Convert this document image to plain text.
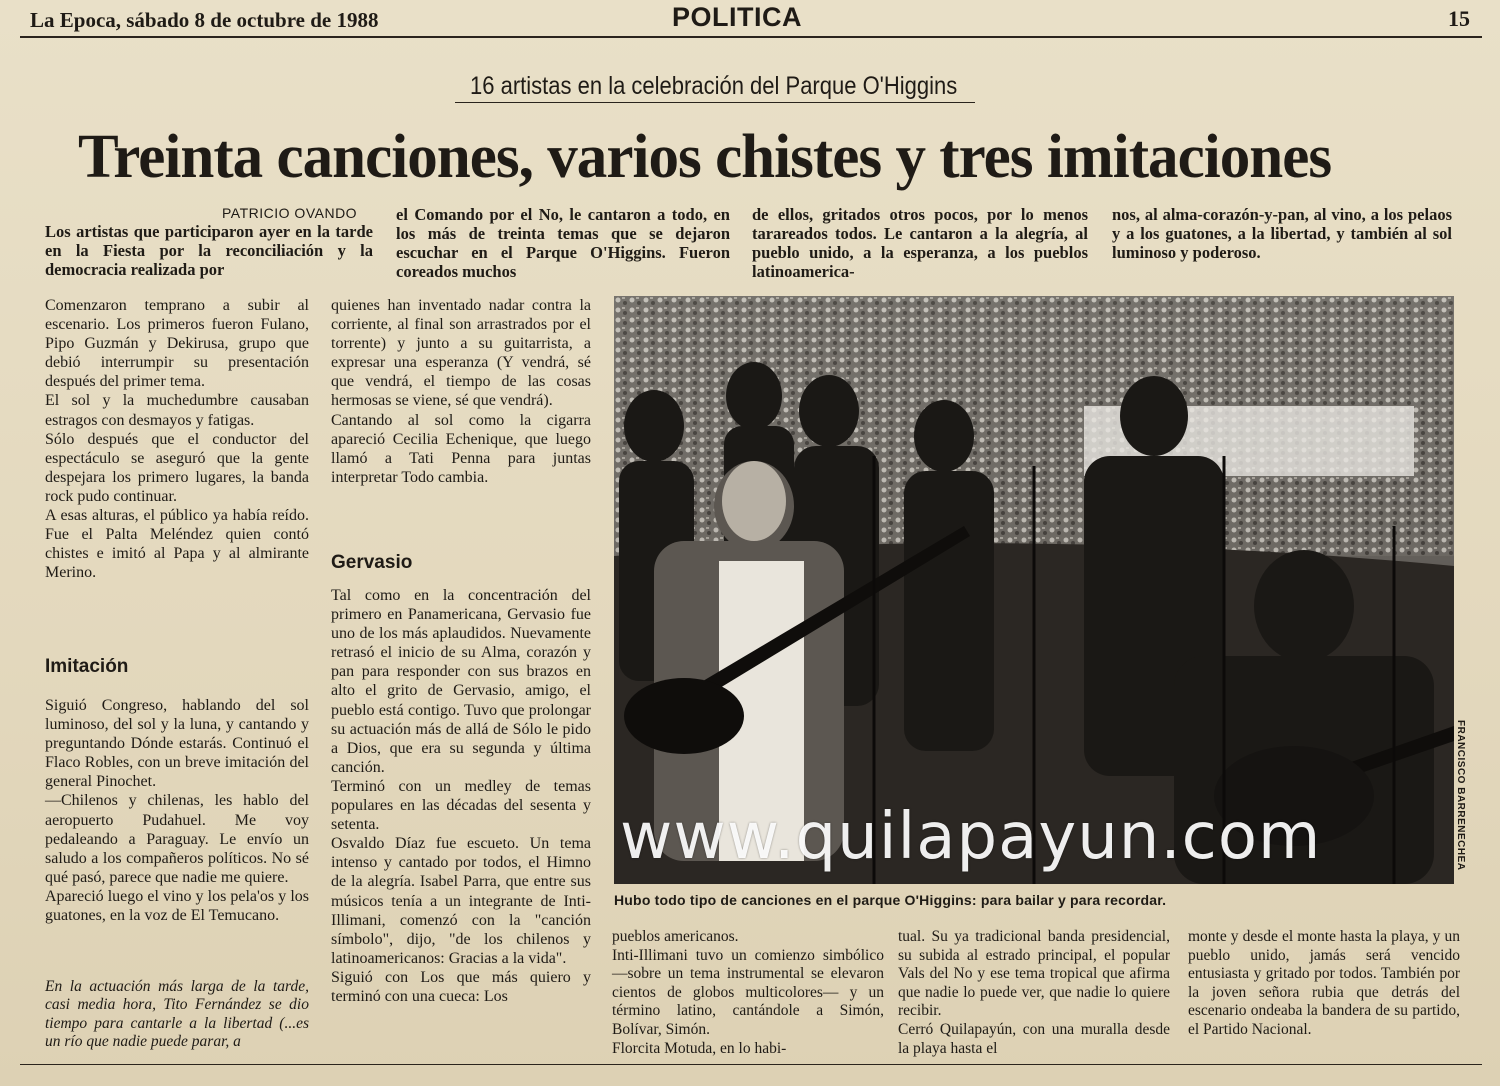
La Epoca, sábado 8 de octubre de 1988	POLITICA	15
16 artistas en la celebración del Parque O'Higgins
Treinta canciones, varios chistes y tres imitaciones
PATRICIO OVANDO
Los artistas que participaron ayer en la tarde en la Fiesta por la reconciliación y la democracia realizada por
el Comando por el No, le cantaron a todo, en los más de treinta temas que se dejaron escuchar en el Parque O'Higgins. Fueron coreados muchos
de ellos, gritados otros pocos, por lo menos tarareados todos. Le cantaron a la alegría, al pueblo unido, a la esperanza, a los pueblos latinoamerica-
nos, al alma-corazón-y-pan, al vino, a los pelaos y a los guatones, a la libertad, y también al sol luminoso y poderoso.
Comenzaron temprano a subir al escenario. Los primeros fueron Fulano, Pipo Guzmán y Dekirusa, grupo que debió interrumpir su presentación después del primer tema.
El sol y la muchedumbre causaban estragos con desmayos y fatigas.
Sólo después que el conductor del espectáculo se aseguró que la gente despejara los primero lugares, la banda rock pudo continuar.
A esas alturas, el público ya había reído. Fue el Palta Meléndez quien contó chistes e imitó al Papa y al almirante Merino.
Imitación
Siguió Congreso, hablando del sol luminoso, del sol y la luna, y cantando y preguntando Dónde estarás. Continuó el Flaco Robles, con un breve imitación del general Pinochet.
—Chilenos y chilenas, les hablo del aeropuerto Pudahuel. Me voy pedaleando a Paraguay. Le envío un saludo a los compañeros políticos. No sé qué pasó, parece que nadie me quiere.
Apareció luego el vino y los pela'os y los guatones, en la voz de El Temucano.
En la actuación más larga de la tarde, casi media hora, Tito Fernández se dio tiempo para cantarle a la libertad (...es un río que nadie puede parar, a
quienes han inventado nadar contra la corriente, al final son arrastrados por el torrente) y junto a su guitarrista, a expresar una esperanza (Y vendrá, sé que vendrá, el tiempo de las cosas hermosas se viene, sé que vendrá).
Cantando al sol como la cigarra apareció Cecilia Echenique, que luego llamó a Tati Penna para juntas interpretar Todo cambia.
Gervasio
Tal como en la concentración del primero en Panamericana, Gervasio fue uno de los más aplaudidos. Nuevamente retrasó el inicio de su Alma, corazón y pan para responder con sus brazos en alto el grito de Gervasio, amigo, el pueblo está contigo. Tuvo que prolongar su actuación más de allá de Sólo le pido a Dios, que era su segunda y última canción.
Terminó con un medley de temas populares en las décadas del sesenta y setenta.
Osvaldo Díaz fue escueto. Un tema intenso y cantado por todos, el Himno de la alegría. Isabel Parra, que entre sus músicos tenía a un integrante de Inti-Illimani, comenzó con la "canción símbolo", dijo, "de los chilenos y latinoamericanos: Gracias a la vida".
Siguió con Los que más quiero y terminó con una cueca: Los
FRANCISCO BARRENECHEA
www.quilapayun.com
Hubo todo tipo de canciones en el parque O'Higgins: para bailar y para recordar.
pueblos americanos.
Inti-Illimani tuvo un comienzo simbólico —sobre un tema instrumental se elevaron cientos de globos multicolores— y un término latino, cantándole a Simón, Bolívar, Simón.
Florcita Motuda, en lo habi-
tual. Su ya tradicional banda presidencial, su subida al estrado principal, el popular Vals del No y ese tema tropical que afirma que nadie lo puede ver, que nadie lo quiere recibir.
Cerró Quilapayún, con una muralla desde la playa hasta el
monte y desde el monte hasta la playa, y un pueblo unido, jamás será vencido entusiasta y gritado por todos. También por la joven señora rubia que detrás del escenario ondeaba la bandera de su partido, el Partido Nacional.
